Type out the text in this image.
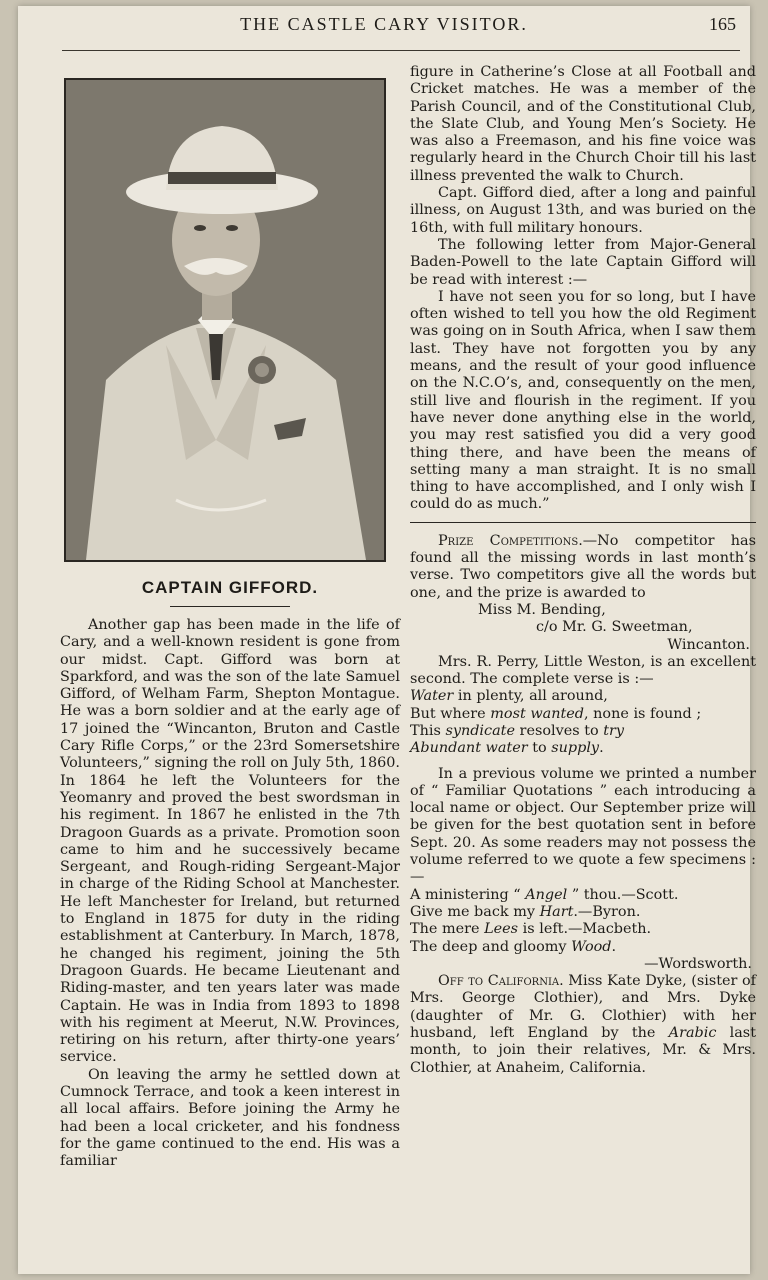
THE CASTLE CARY VISITOR.	165
CAPTAIN GIFFORD.

Another gap has been made in the life of Cary, and a well-known resident is gone from our midst. Capt. Gifford was born at Sparkford, and was the son of the late Samuel Gifford, of Welham Farm, Shepton Montague. He was a born soldier and at the early age of 17 joined the “Wincanton, Bruton and Castle Cary Rifle Corps,” or the 23rd Somersetshire Volunteers,” signing the roll on July 5th, 1860. In 1864 he left the Volunteers for the Yeomanry and proved the best swordsman in his regiment. In 1867 he enlisted in the 7th Dragoon Guards as a private. Promotion soon came to him and he successively became Sergeant, and Rough-riding Sergeant-Major in charge of the Riding School at Manchester. He left Manchester for Ireland, but returned to England in 1875 for duty in the riding establishment at Canterbury. In March, 1878, he changed his regiment, joining the 5th Dragoon Guards. He became Lieutenant and Riding-master, and ten years later was made Captain. He was in India from 1893 to 1898 with his regiment at Meerut, N.W. Provinces, retiring on his return, after thirty-one years’ service.

On leaving the army he settled down at Cumnock Terrace, and took a keen interest in all local affairs. Before joining the Army he had been a local cricketer, and his fondness for the game continued to the end. His was a familiar

figure in Catherine’s Close at all Football and Cricket matches. He was a member of the Parish Council, and of the Constitutional Club, the Slate Club, and Young Men’s Society. He was also a Freemason, and his fine voice was regularly heard in the Church Choir till his last illness prevented the walk to Church.

Capt. Gifford died, after a long and painful illness, on August 13th, and was buried on the 16th, with full military honours.

The following letter from Major-General Baden-Powell to the late Captain Gifford will be read with interest :—

I have not seen you for so long, but I have often wished to tell you how the old Regiment was going on in South Africa, when I saw them last. They have not forgotten you by any means, and the result of your good influence on the N.C.O’s, and, consequently on the men, still live and flourish in the regiment. If you have never done anything else in the world, you may rest satisfied you did a very good thing there, and have been the means of setting many a man straight. It is no small thing to have accomplished, and I only wish I could do as much.”

Prize Competitions.—No competitor has found all the missing words in last month’s verse. Two competitors give all the words but one, and the prize is awarded to

Miss M. Bending,
c/o Mr. G. Sweetman,
Wincanton.

Mrs. R. Perry, Little Weston, is an excellent second. The complete verse is :—

Water in plenty, all around,
But where most wanted, none is found ;
This syndicate resolves to try
Abundant water to supply.

In a previous volume we printed a number of “ Familiar Quotations ” each introducing a local name or object. Our September prize will be given for the best quotation sent in before Sept. 20. As some readers may not possess the volume referred to we quote a few specimens :—

A ministering “ Angel ” thou.—Scott.
Give me back my Hart.—Byron.
The mere Lees is left.—Macbeth.
The deep and gloomy Wood.
—Wordsworth.

Off to California. Miss Kate Dyke, (sister of Mrs. George Clothier), and Mrs. Dyke (daughter of Mr. G. Clothier) with her husband, left England by the Arabic last month, to join their relatives, Mr. & Mrs. Clothier, at Anaheim, California.
